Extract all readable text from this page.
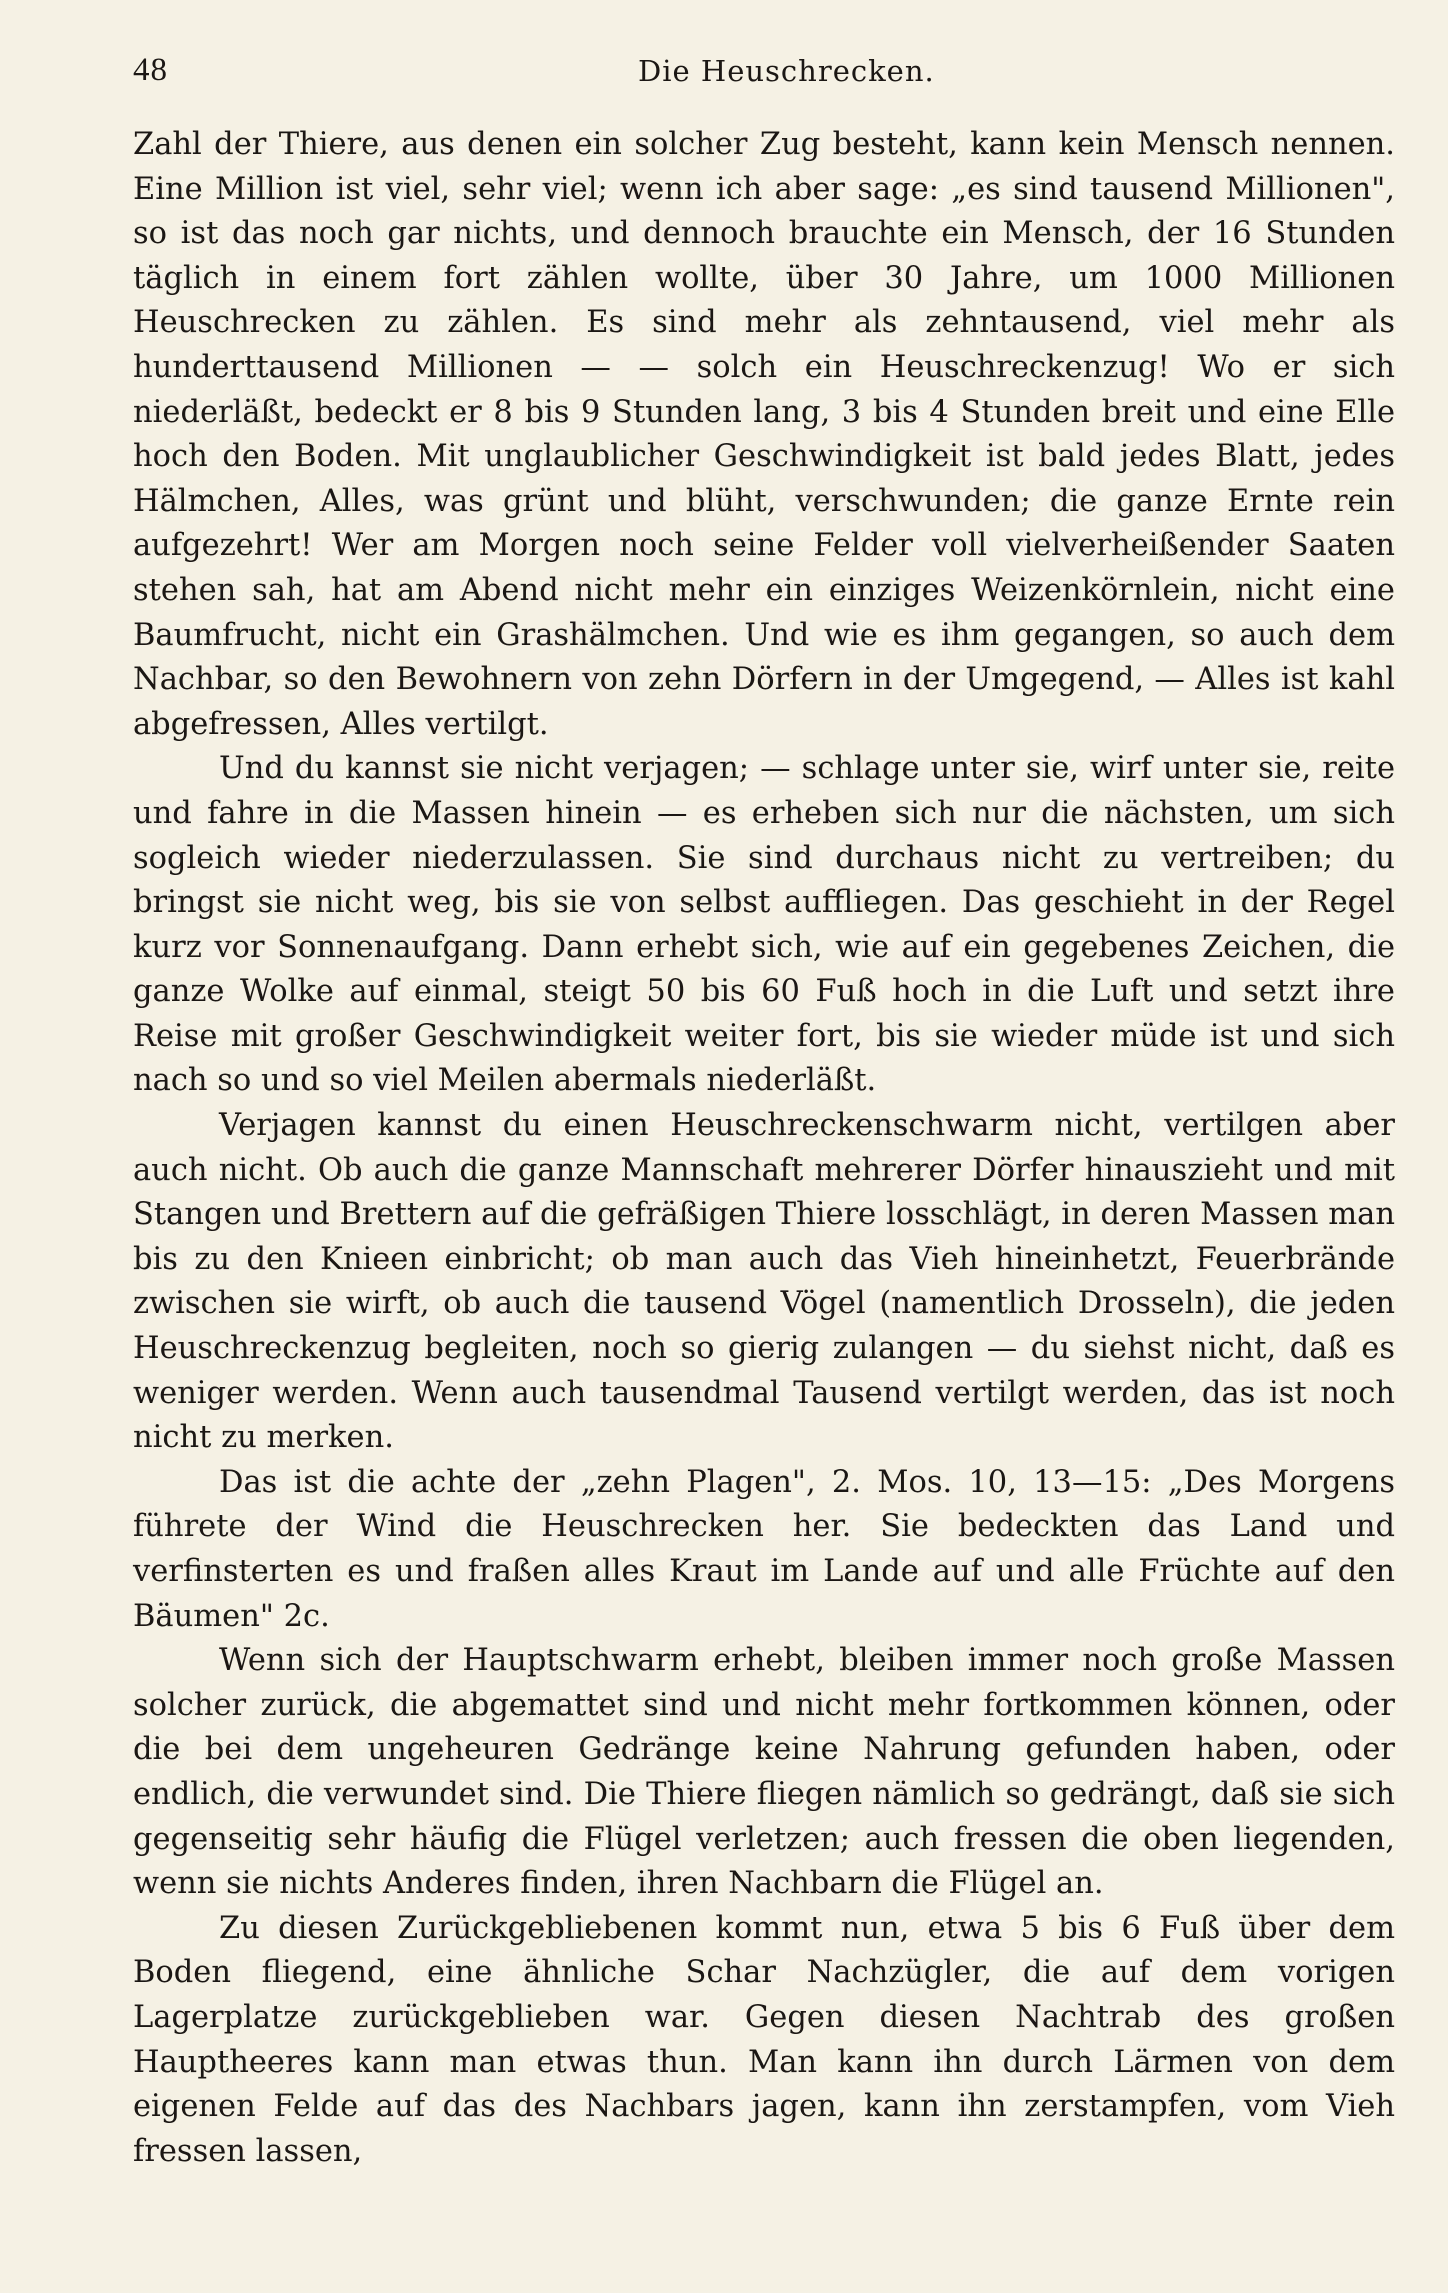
48	Die Heuschrecken.

Zahl der Thiere, aus denen ein solcher Zug besteht, kann kein Mensch nennen. Eine Million ist viel, sehr viel; wenn ich aber sage: „es sind tausend Millionen", so ist das noch gar nichts, und dennoch brauchte ein Mensch, der 16 Stunden täglich in einem fort zählen wollte, über 30 Jahre, um 1000 Millionen Heuschrecken zu zählen. Es sind mehr als zehntausend, viel mehr als hunderttausend Millionen — — solch ein Heuschreckenzug! Wo er sich niederläßt, bedeckt er 8 bis 9 Stunden lang, 3 bis 4 Stunden breit und eine Elle hoch den Boden. Mit unglaublicher Geschwindigkeit ist bald jedes Blatt, jedes Hälmchen, Alles, was grünt und blüht, verschwunden; die ganze Ernte rein aufgezehrt! Wer am Morgen noch seine Felder voll vielverheißender Saaten stehen sah, hat am Abend nicht mehr ein einziges Weizenkörnlein, nicht eine Baumfrucht, nicht ein Grashälmchen. Und wie es ihm gegangen, so auch dem Nachbar, so den Bewohnern von zehn Dörfern in der Umgegend, — Alles ist kahl abgefressen, Alles vertilgt.

Und du kannst sie nicht verjagen; — schlage unter sie, wirf unter sie, reite und fahre in die Massen hinein — es erheben sich nur die nächsten, um sich sogleich wieder niederzulassen. Sie sind durchaus nicht zu vertreiben; du bringst sie nicht weg, bis sie von selbst auffliegen. Das geschieht in der Regel kurz vor Sonnenaufgang. Dann erhebt sich, wie auf ein gegebenes Zeichen, die ganze Wolke auf einmal, steigt 50 bis 60 Fuß hoch in die Luft und setzt ihre Reise mit großer Geschwindigkeit weiter fort, bis sie wieder müde ist und sich nach so und so viel Meilen abermals niederläßt.

Verjagen kannst du einen Heuschreckenschwarm nicht, vertilgen aber auch nicht. Ob auch die ganze Mannschaft mehrerer Dörfer hinauszieht und mit Stangen und Brettern auf die gefräßigen Thiere losschlägt, in deren Massen man bis zu den Knieen einbricht; ob man auch das Vieh hineinhetzt, Feuerbrände zwischen sie wirft, ob auch die tausend Vögel (namentlich Drosseln), die jeden Heuschreckenzug begleiten, noch so gierig zulangen — du siehst nicht, daß es weniger werden. Wenn auch tausendmal Tausend vertilgt werden, das ist noch nicht zu merken.

Das ist die achte der „zehn Plagen", 2. Mos. 10, 13—15: „Des Morgens führete der Wind die Heuschrecken her. Sie bedeckten das Land und verfinsterten es und fraßen alles Kraut im Lande auf und alle Früchte auf den Bäumen" 2c.

Wenn sich der Hauptschwarm erhebt, bleiben immer noch große Massen solcher zurück, die abgemattet sind und nicht mehr fortkommen können, oder die bei dem ungeheuren Gedränge keine Nahrung gefunden haben, oder endlich, die verwundet sind. Die Thiere fliegen nämlich so gedrängt, daß sie sich gegenseitig sehr häufig die Flügel verletzen; auch fressen die oben liegenden, wenn sie nichts Anderes finden, ihren Nachbarn die Flügel an.

Zu diesen Zurückgebliebenen kommt nun, etwa 5 bis 6 Fuß über dem Boden fliegend, eine ähnliche Schar Nachzügler, die auf dem vorigen Lagerplatze zurückgeblieben war. Gegen diesen Nachtrab des großen Hauptheeres kann man etwas thun. Man kann ihn durch Lärmen von dem eigenen Felde auf das des Nachbars jagen, kann ihn zerstampfen, vom Vieh fressen lassen,
